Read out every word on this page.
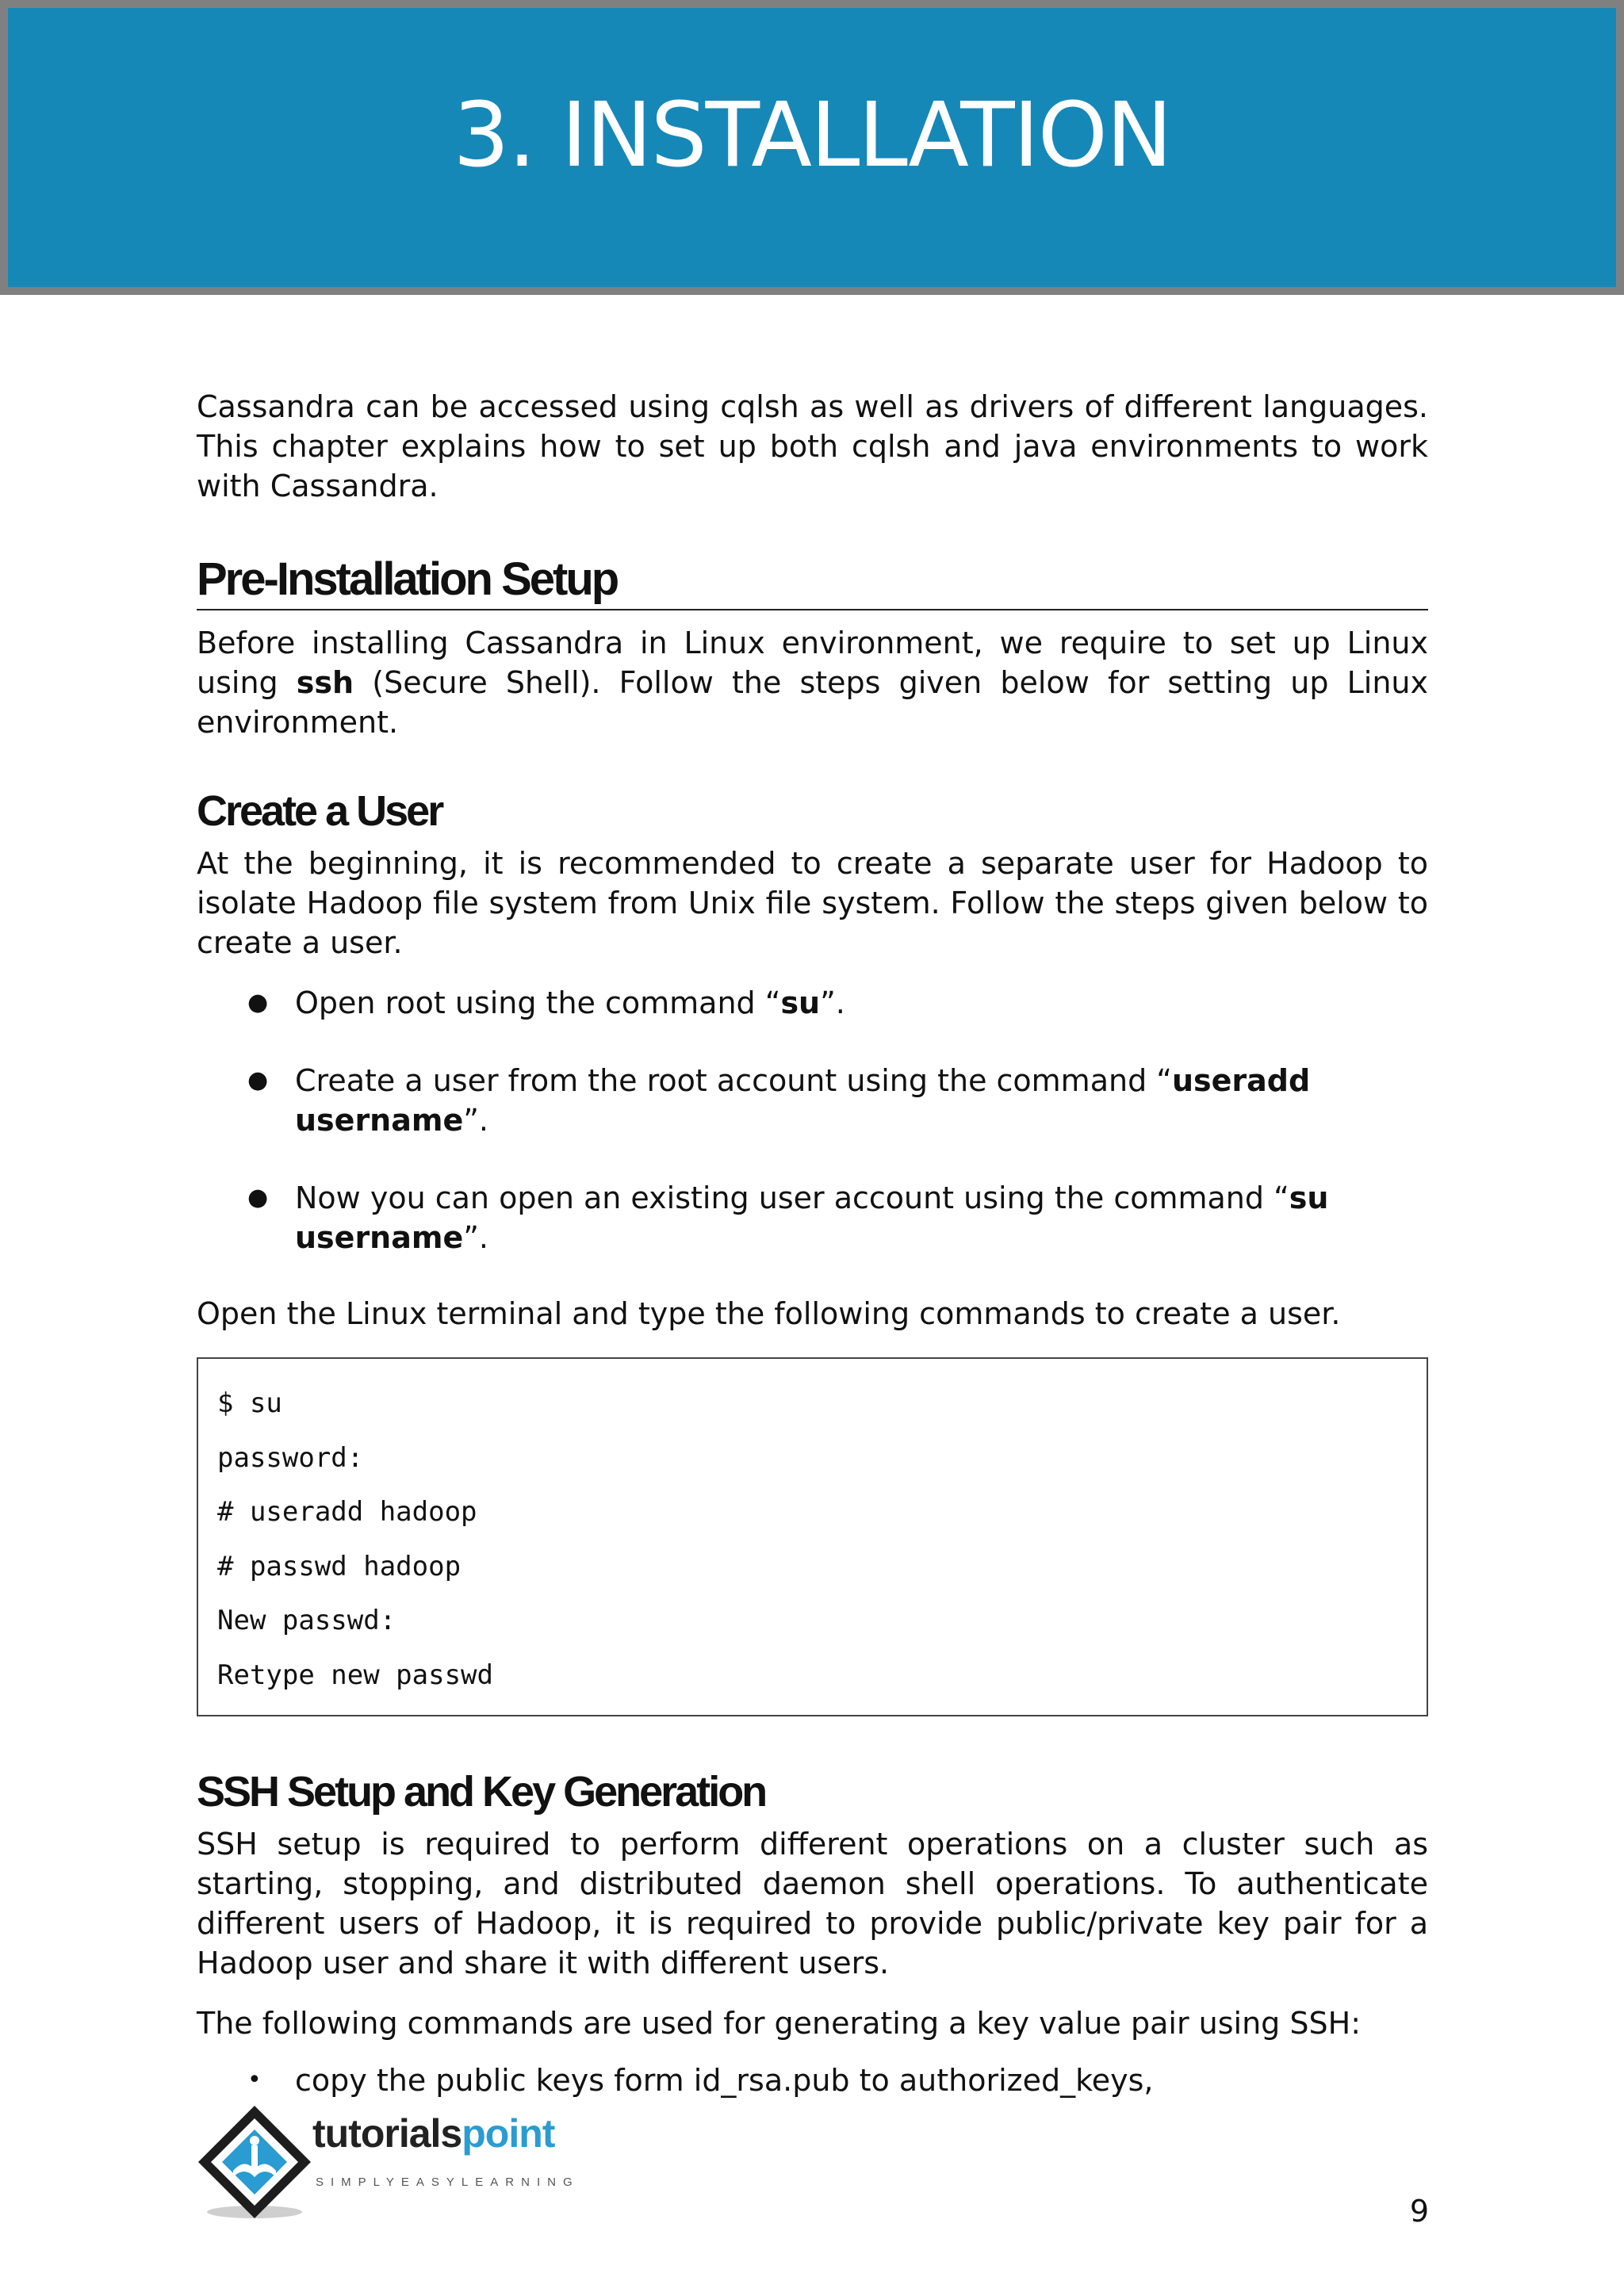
3. INSTALLATION

Cassandra can be accessed using cqlsh as well as drivers of different languages. This chapter explains how to set up both cqlsh and java environments to work with Cassandra.

Pre-Installation Setup

Before installing Cassandra in Linux environment, we require to set up Linux using ssh (Secure Shell). Follow the steps given below for setting up Linux environment.

Create a User

At the beginning, it is recommended to create a separate user for Hadoop to isolate Hadoop file system from Unix file system. Follow the steps given below to create a user.

● Open root using the command “su”.
● Create a user from the root account using the command “useradd username”.
● Now you can open an existing user account using the command “su username”.

Open the Linux terminal and type the following commands to create a user.

$ su
password:
# useradd hadoop
# passwd hadoop
New passwd:
Retype new passwd
SSH Setup and Key Generation

SSH setup is required to perform different operations on a cluster such as starting, stopping, and distributed daemon shell operations. To authenticate different users of Hadoop, it is required to provide public/private key pair for a Hadoop user and share it with different users.

The following commands are used for generating a key value pair using SSH:

• copy the public keys form id_rsa.pub to authorized_keys,
tutorialspoint
SIMPLYEASYLEARNING
9
